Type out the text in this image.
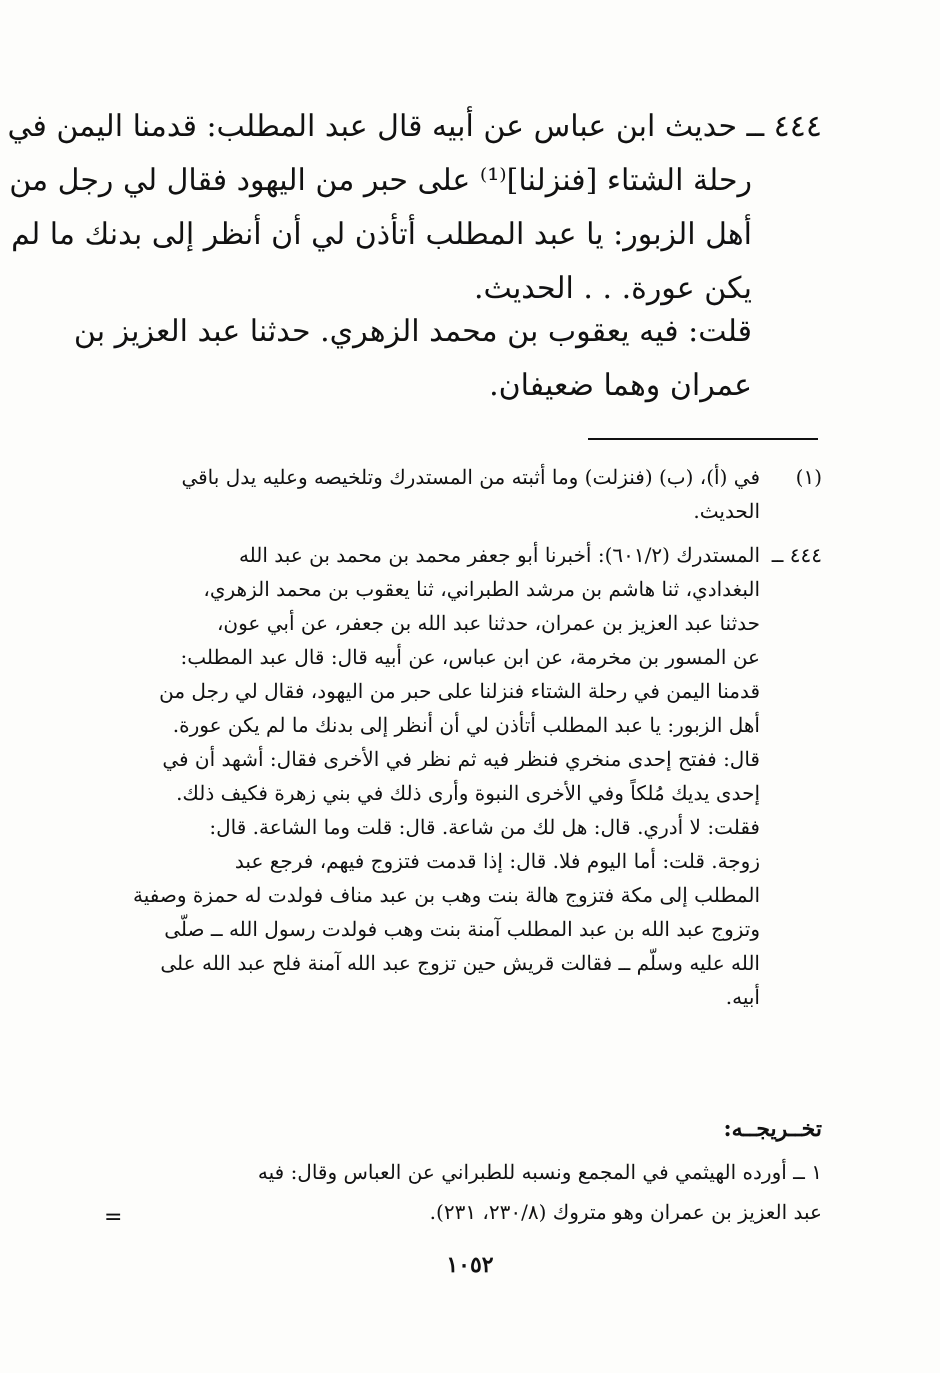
٤٤٤ ــ حديث ابن عباس عن أبيه قال عبد المطلب: قدمنا اليمن في
رحلة الشتاء [فنزلنا]⁽¹⁾ على حبر من اليهود فقال لي رجل من
أهل الزبور: يا عبد المطلب أتأذن لي أن أنظر إلى بدنك ما لم
يكن عورة. . . الحديث.
قلت: فيه يعقوب بن محمد الزهري. حدثنا عبد العزيز بن
عمران وهما ضعيفان.
(١)في (أ)، (ب) (فنزلت) وما أثبته من المستدرك وتلخيصه وعليه يدل باقي
الحديث.
٤٤٤ ــالمستدرك (٦٠١/٢): أخبرنا أبو جعفر محمد بن محمد بن عبد الله
البغدادي، ثنا هاشم بن مرشد الطبراني، ثنا يعقوب بن محمد الزهري،
حدثنا عبد العزيز بن عمران، حدثنا عبد الله بن جعفر، عن أبي عون،
عن المسور بن مخرمة، عن ابن عباس، عن أبيه قال: قال عبد المطلب:
قدمنا اليمن في رحلة الشتاء فنزلنا على حبر من اليهود، فقال لي رجل من
أهل الزبور: يا عبد المطلب أتأذن لي أن أنظر إلى بدنك ما لم يكن عورة.
قال: ففتح إحدى منخري فنظر فيه ثم نظر في الأخرى فقال: أشهد أن في
إحدى يديك مُلكاً وفي الأخرى النبوة وأرى ذلك في بني زهرة فكيف ذلك.
فقلت: لا أدري. قال: هل لك من شاعة. قال: قلت وما الشاعة. قال:
زوجة. قلت: أما اليوم فلا. قال: إذا قدمت فتزوج فيهم، فرجع عبد
المطلب إلى مكة فتزوج هالة بنت وهب بن عبد مناف فولدت له حمزة وصفية
وتزوج عبد الله بن عبد المطلب آمنة بنت وهب فولدت رسول الله ــ صلّى
الله عليه وسلّم ــ فقالت قريش حين تزوج عبد الله آمنة فلح عبد الله على
أبيه.
تخــريجــه:
١ ــ أورده الهيثمي في المجمع ونسبه للطبراني عن العباس وقال: فيه
عبد العزيز بن عمران وهو متروك (٢٣٠/٨، ٢٣١).
=
١٠٥٢
